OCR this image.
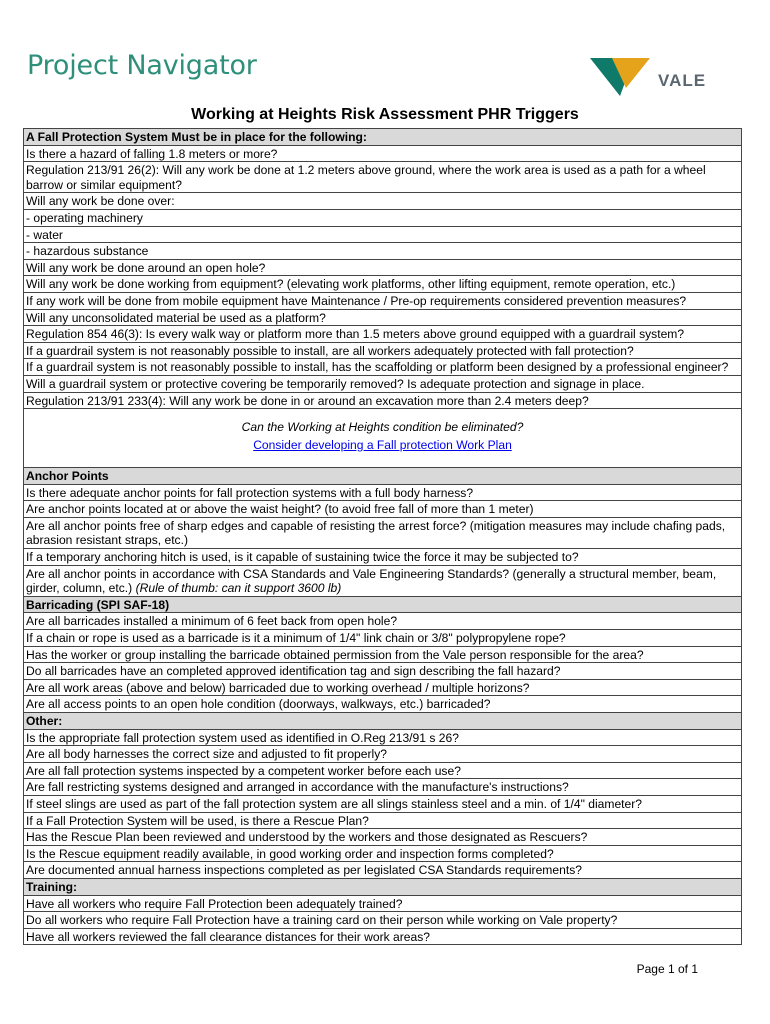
Project Navigator	VALE
Working at Heights Risk Assessment PHR Triggers
A Fall Protection System Must be in place for the following:
Is there a hazard of falling 1.8 meters or more?
Regulation 213/91 26(2): Will any work be done at 1.2 meters above ground, where the work area is used as a path for a wheel barrow or similar equipment?
Will any work be done over:
- operating machinery
- water
- hazardous substance
Will any work be done around an open hole?
Will any work be done working from equipment? (elevating work platforms, other lifting equipment, remote operation, etc.)
If any work will be done from mobile equipment have Maintenance / Pre-op requirements considered prevention measures?
Will any unconsolidated material be used as a platform?
Regulation 854 46(3): Is every walk way or platform more than 1.5 meters above ground equipped with a guardrail system?
If a guardrail system is not reasonably possible to install, are all workers adequately protected with fall protection?
If a guardrail system is not reasonably possible to install, has the scaffolding or platform been designed by a professional engineer?
Will a guardrail system or protective covering be temporarily removed? Is adequate protection and signage in place.
Regulation 213/91 233(4): Will any work be done in or around an excavation more than 2.4 meters deep?

Can the Working at Heights condition be eliminated?
Consider developing a Fall protection Work Plan

Anchor Points
Is there adequate anchor points for fall protection systems with a full body harness?
Are anchor points located at or above the waist height? (to avoid free fall of more than 1 meter)
Are all anchor points free of sharp edges and capable of resisting the arrest force? (mitigation measures may include chafing pads, abrasion resistant straps, etc.)
If a temporary anchoring hitch is used, is it capable of sustaining twice the force it may be subjected to?
Are all anchor points in accordance with CSA Standards and Vale Engineering Standards? (generally a structural member, beam, girder, column, etc.) (Rule of thumb: can it support 3600 lb)
Barricading (SPI SAF-18)
Are all barricades installed a minimum of 6 feet back from open hole?
If a chain or rope is used as a barricade is it a minimum of 1/4" link chain or 3/8" polypropylene rope?
Has the worker or group installing the barricade obtained permission from the Vale person responsible for the area?
Do all barricades have an completed approved identification tag and sign describing the fall hazard?
Are all work areas (above and below) barricaded due to working overhead / multiple horizons?
Are all access points to an open hole condition (doorways, walkways, etc.) barricaded?
Other:
Is the appropriate fall protection system used as identified in O.Reg 213/91 s 26?
Are all body harnesses the correct size and adjusted to fit properly?
Are all fall protection systems inspected by a competent worker before each use?
Are fall restricting systems designed and arranged in accordance with the manufacture's instructions?
If steel slings are used as part of the fall protection system are all slings stainless steel and a min. of 1/4" diameter?
If a Fall Protection System will be used, is there a Rescue Plan?
Has the Rescue Plan been reviewed and understood by the workers and those designated as Rescuers?
Is the Rescue equipment readily available, in good working order and inspection forms completed?
Are documented annual harness inspections completed as per legislated CSA Standards requirements?
Training:
Have all workers who require Fall Protection been adequately trained?
Do all workers who require Fall Protection have a training card on their person while working on Vale property?
Have all workers reviewed the fall clearance distances for their work areas?
Page 1 of 1
